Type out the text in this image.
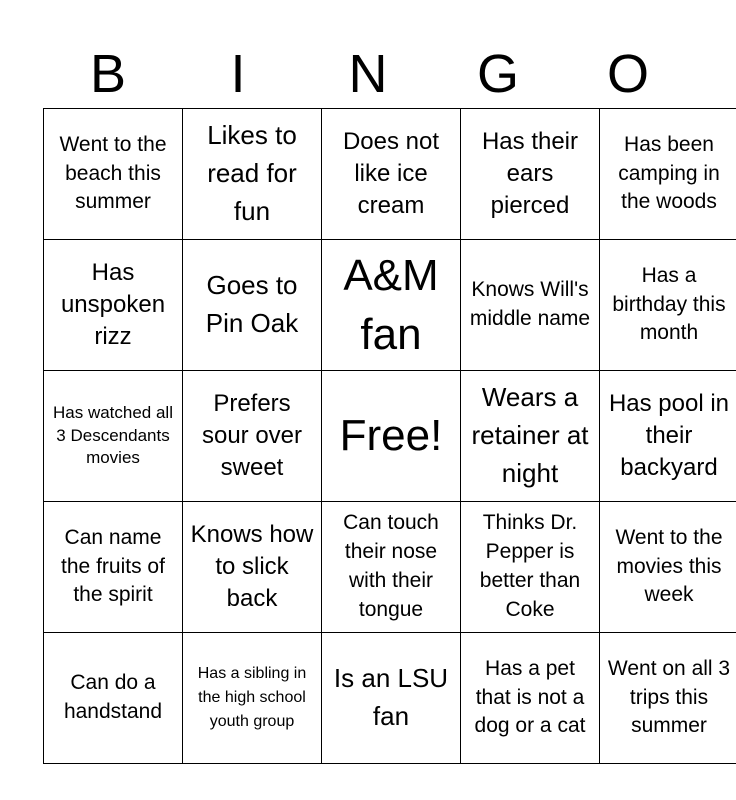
B	I	N	G	O
Went to the beach this summer	Likes to read for fun	Does not like ice cream	Has their ears pierced	Has been camping in the woods
Has unspoken rizz	Goes to Pin Oak	A&M fan	Knows Will's middle name	Has a birthday this month
Has watched all 3 Descendants movies	Prefers sour over sweet	Free!	Wears a retainer at night	Has pool in their backyard
Can name the fruits of the spirit	Knows how to slick back	Can touch their nose with their tongue	Thinks Dr. Pepper is better than Coke	Went to the movies this week
Can do a handstand	Has a sibling in the high school youth group	Is an LSU fan	Has a pet that is not a dog or a cat	Went on all 3 trips this summer
